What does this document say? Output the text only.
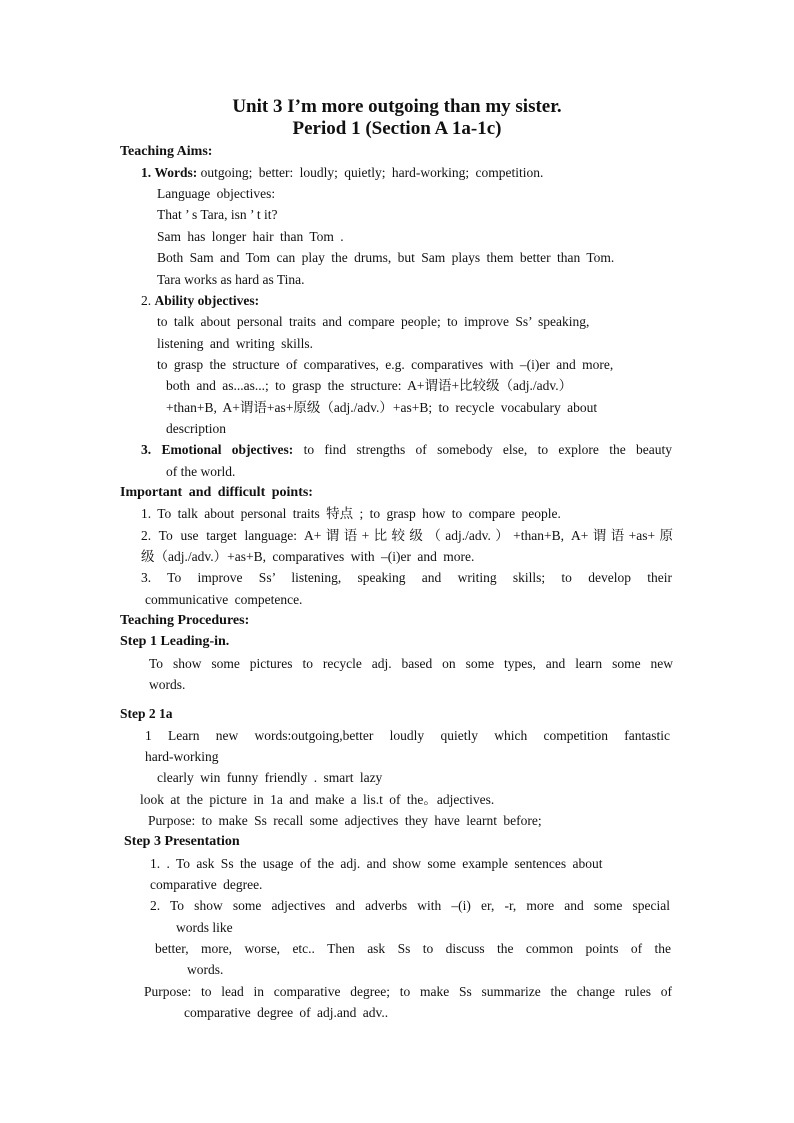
Unit 3 I’m more outgoing than my sister.
Period 1 (Section A 1a-1c)
Teaching Aims:
1. Words: outgoing; better: loudly; quietly; hard-working; competition.
Language objectives:
That ’ s Tara, isn ’ t it?
Sam has longer hair than Tom .
Both Sam and Tom can play the drums, but Sam plays them better than Tom.
Tara works as hard as Tina.
2. Ability objectives:
to talk about personal traits and compare people; to improve Ss’ speaking,
listening and writing skills.
to grasp the structure of comparatives, e.g. comparatives with –(i)er and more,
both and as...as...; to grasp the structure: A+谓语+比较级（adj./adv.）
+than+B, A+谓语+as+原级（adj./adv.）+as+B; to recycle vocabulary about
description
3. Emotional objectives: to find strengths of somebody else, to explore the beauty
of the world.
Important and difficult points:
1. To talk about personal traits 特点 ; to grasp how to compare people.
2. To use target language: A+谓语+比较级（adj./adv.）+than+B, A+谓语+as+原
级（adj./adv.）+as+B, comparatives with –(i)er and more.
3. To improve Ss’ listening, speaking and writing skills; to develop their
communicative competence.
Teaching Procedures:
Step 1 Leading-in.
To show some pictures to recycle adj. based on some types, and learn some new
words.
Step 2 1a
1 Learn new words:outgoing,better loudly quietly which competition fantastic
hard-working
clearly win funny friendly . smart lazy
look at the picture in 1a and make a lis.t of the。adjectives.
Purpose: to make Ss recall some adjectives they have learnt before;
Step 3 Presentation
1. . To ask Ss the usage of the adj. and show some example sentences about
comparative degree.
2. To show some adjectives and adverbs with –(i) er, -r, more and some special
words like
better, more, worse, etc.. Then ask Ss to discuss the common points of the
words.
Purpose: to lead in comparative degree; to make Ss summarize the change rules of
comparative degree of adj.and adv..
